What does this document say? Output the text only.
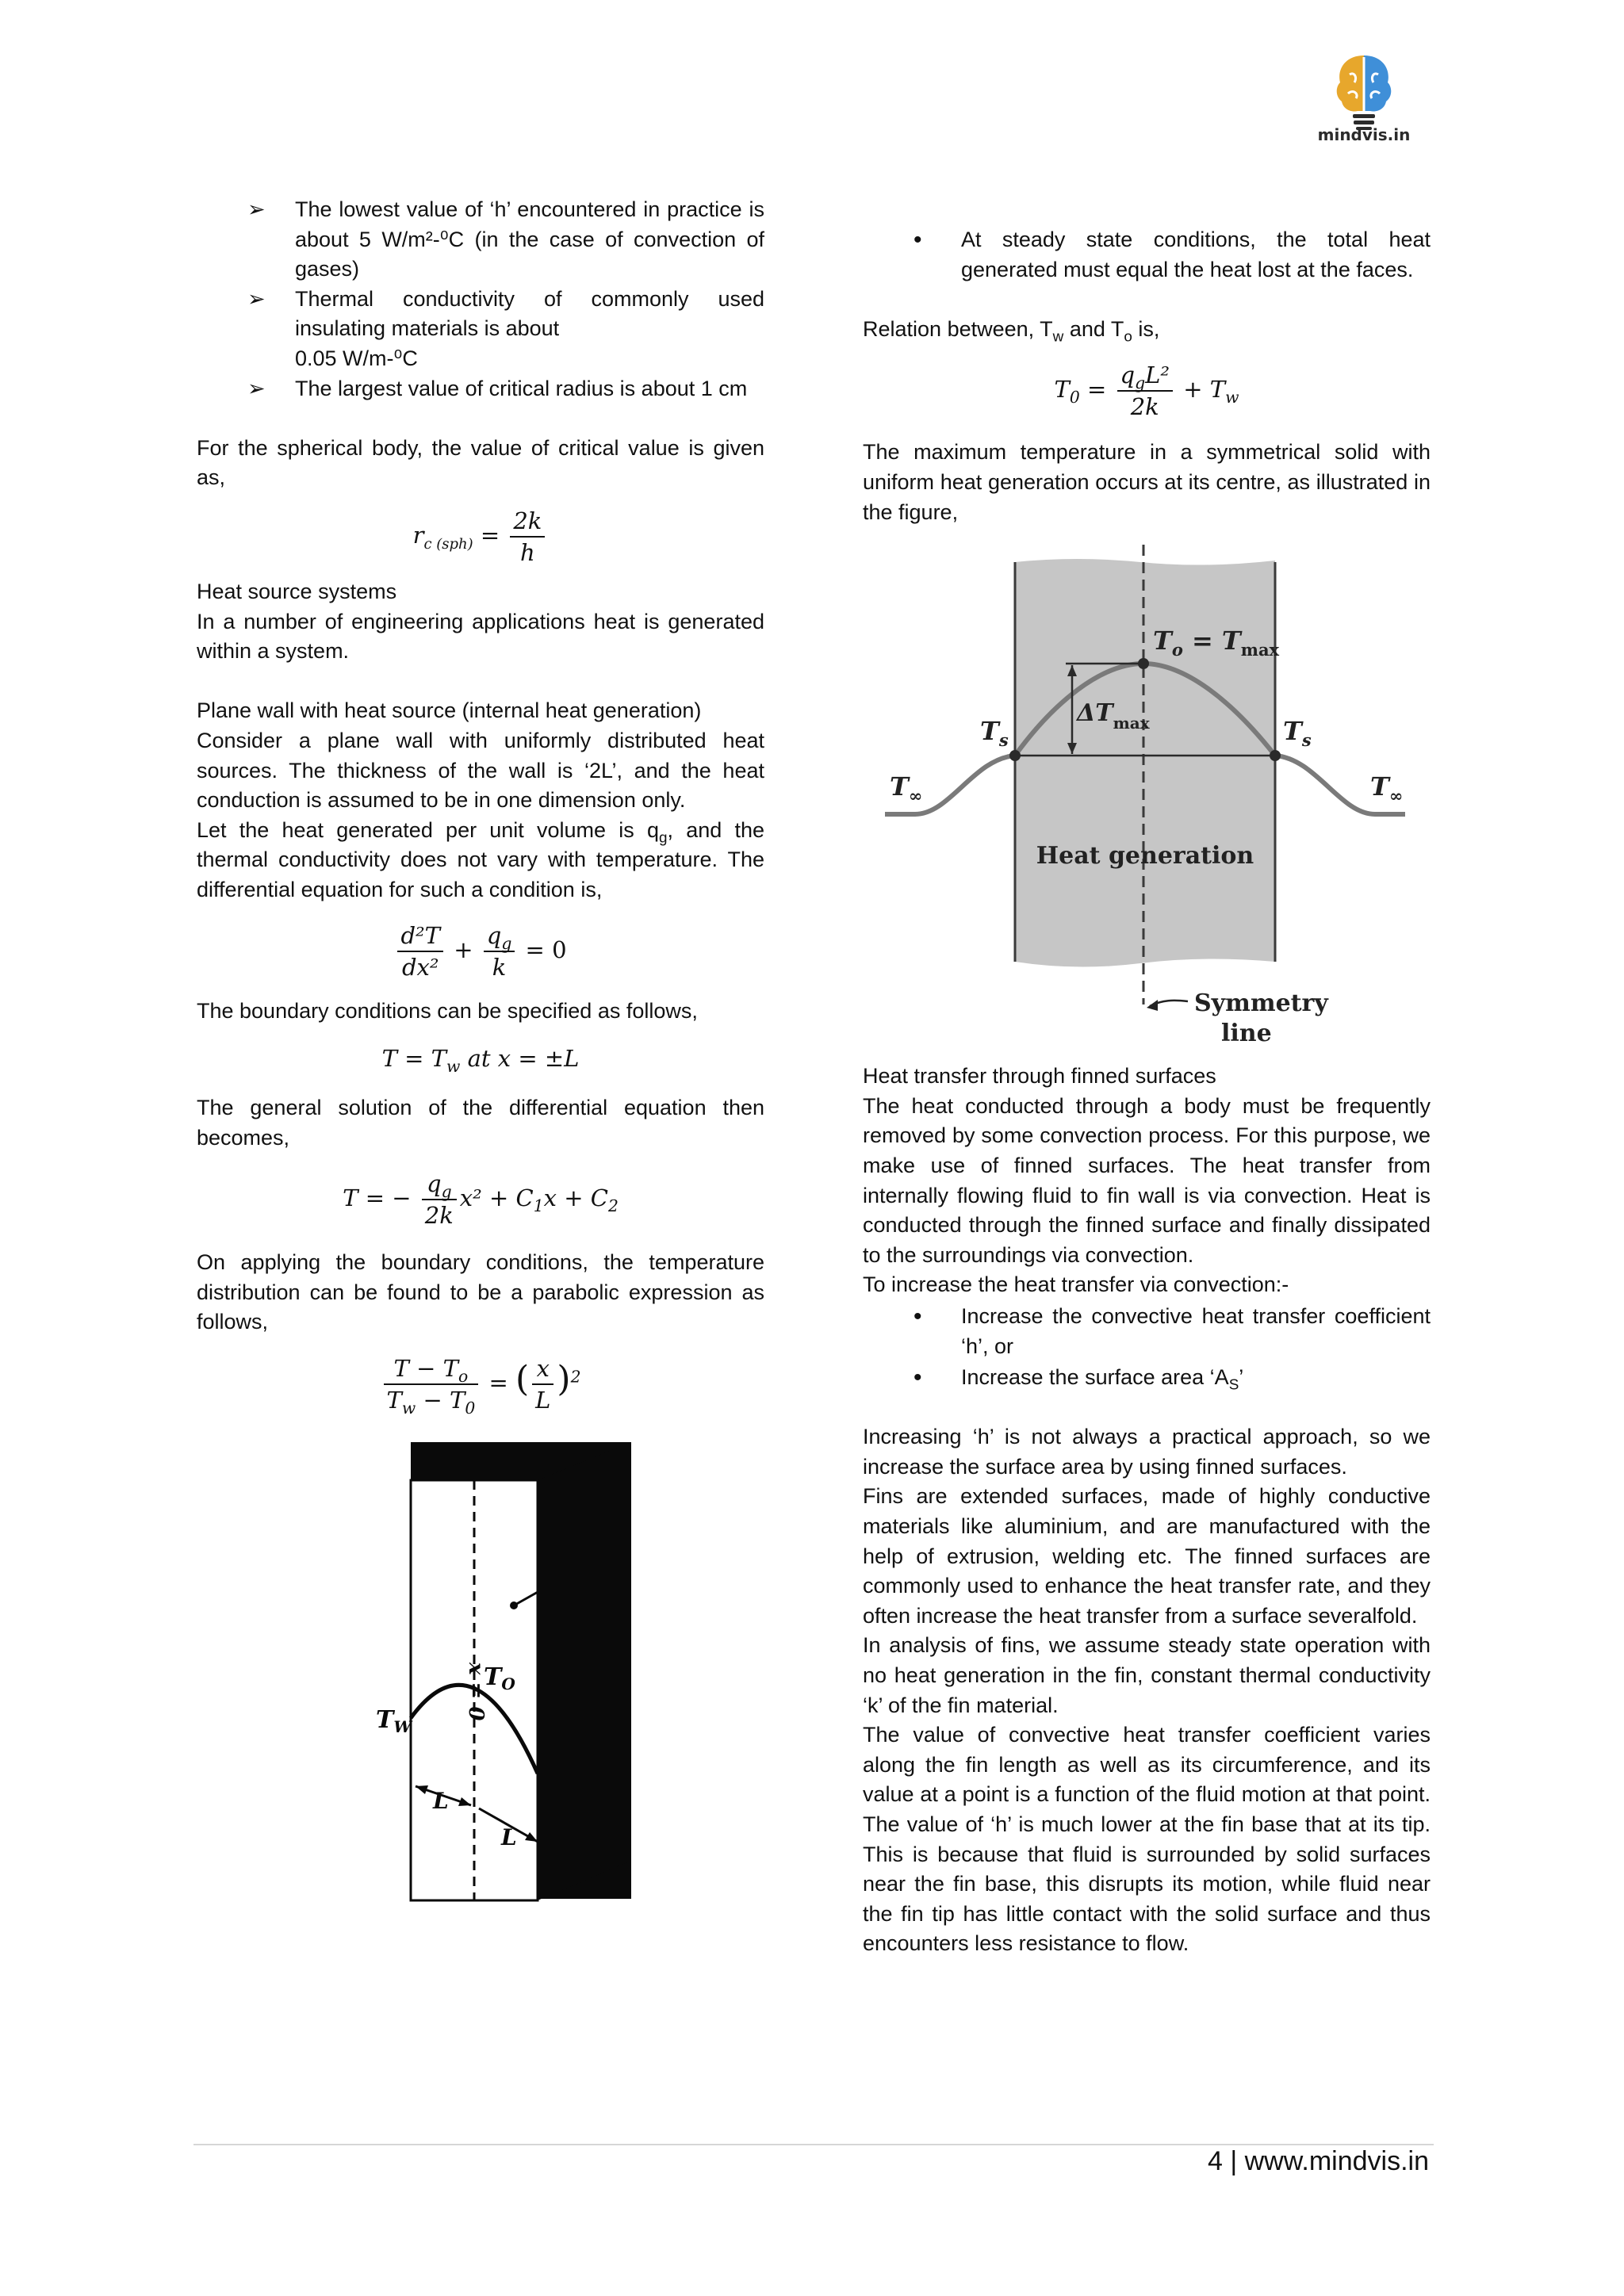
mindvis.in
➢ The lowest value of ‘h’ encountered in practice is about 5 W/m²-⁰C (in the case of convection of gases)
➢ Thermal conductivity of commonly used insulating materials is about

0.05 W/m-⁰C
➢ The largest value of critical radius is about 1 cm

For the spherical body, the value of critical value is given as,

$r_{c (sph)} = \frac{2k}{h}$

Heat source systems

In a number of engineering applications heat is generated within a system.

Plane wall with heat source (internal heat generation)

Consider a plane wall with uniformly distributed heat sources. The thickness of the wall is ‘2L’, and the heat conduction is assumed to be in one dimension only.

Let the heat generated per unit volume is $q_g$, and the thermal conductivity does not vary with temperature. The differential equation for such a condition is,

$\frac{\text{d²T}}{\text{dx²}} + \frac{q_g}{k} = 0$

The boundary conditions can be specified as follows,

$T = T_w$ at x = ±L

The general solution of the differential equation then becomes,

T = − $\frac{q_g}{2k} x^2 + C_1x + C_2$

On applying the boundary conditions, the temperature distribution can be found to be a parabolic expression as follows,

$\frac{T - T_o}{T_w - T_0}$ = ( $\frac{x}{L} )^2$
x = 0
$T_O$
$T_W$
L
L
• At steady state conditions, the total heat generated must equal the heat lost at the faces.

Relation between, $T_w$ and $T_o$ is,

$T_0 = \frac{q_gL^2}{2k} + T_w$

The maximum temperature in a symmetrical solid with uniform heat generation occurs at its centre, as illustrated in the figure,

$T_o = T_{max}$
$\Delta T_{max}$
$T_s$	$T_s$
$T_\infty$	$T_\infty$
Heat generation
Symmetry
line

Heat transfer through finned surfaces

The heat conducted through a body must be frequently removed by some convection process. For this purpose, we make use of finned surfaces. The heat transfer from internally flowing fluid to fin wall is via convection. Heat is conducted through the finned surface and finally dissipated to the surroundings via convection.

To increase the heat transfer via convection:-

• Increase the convective heat transfer coefficient ‘h’, or
• Increase the surface area ‘$A_S$’

Increasing ‘h’ is not always a practical approach, so we increase the surface area by using finned surfaces.

Fins are extended surfaces, made of highly conductive materials like aluminium, and are manufactured with the help of extrusion, welding etc. The finned surfaces are commonly used to enhance the heat transfer rate, and they often increase the heat transfer from a surface severalfold.

In analysis of fins, we assume steady state operation with no heat generation in the fin, constant thermal conductivity ‘k’ of the fin material.

The value of convective heat transfer coefficient varies along the fin length as well as its circumference, and its value at a point is a function of the fluid motion at that point. The value of ‘h’ is much lower at the fin base that at its tip. This is because that fluid is surrounded by solid surfaces near the fin base, this disrupts its motion, while fluid near the fin tip has little contact with the solid surface and thus encounters less resistance to flow.

4 | www.mindvis.in
